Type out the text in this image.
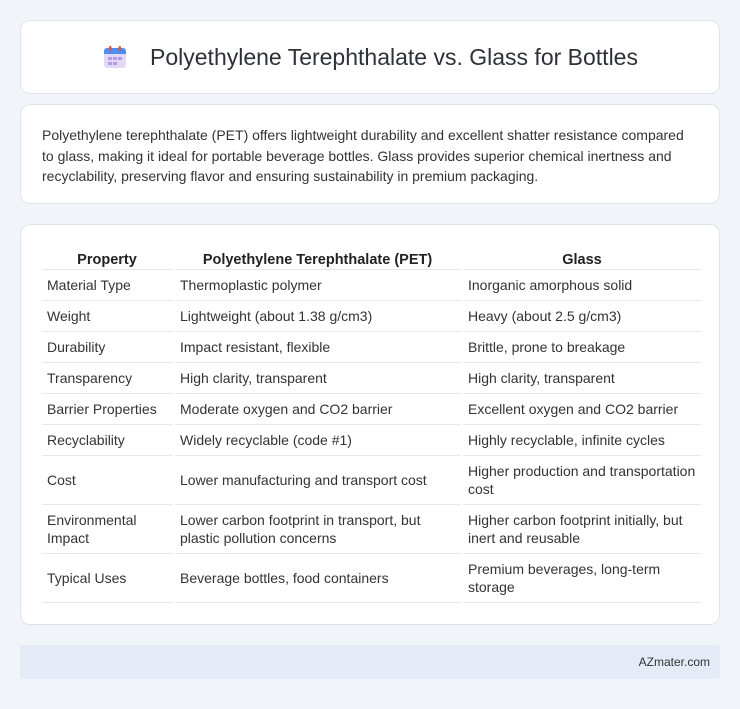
Polyethylene Terephthalate vs. Glass for Bottles

Polyethylene terephthalate (PET) offers lightweight durability and excellent shatter resistance compared to glass, making it ideal for portable beverage bottles. Glass provides superior chemical inertness and recyclability, preserving flavor and ensuring sustainability in premium packaging.

Property	Polyethylene Terephthalate (PET)	Glass
Material Type	Thermoplastic polymer	Inorganic amorphous solid
Weight	Lightweight (about 1.38 g/cm3)	Heavy (about 2.5 g/cm3)
Durability	Impact resistant, flexible	Brittle, prone to breakage
Transparency	High clarity, transparent	High clarity, transparent
Barrier Properties	Moderate oxygen and CO2 barrier	Excellent oxygen and CO2 barrier
Recyclability	Widely recyclable (code #1)	Highly recyclable, infinite cycles
Cost	Lower manufacturing and transport cost	Higher production and transportation cost
Environmental Impact	Lower carbon footprint in transport, but plastic pollution concerns	Higher carbon footprint initially, but inert and reusable
Typical Uses	Beverage bottles, food containers	Premium beverages, long-term storage
AZmater.com
